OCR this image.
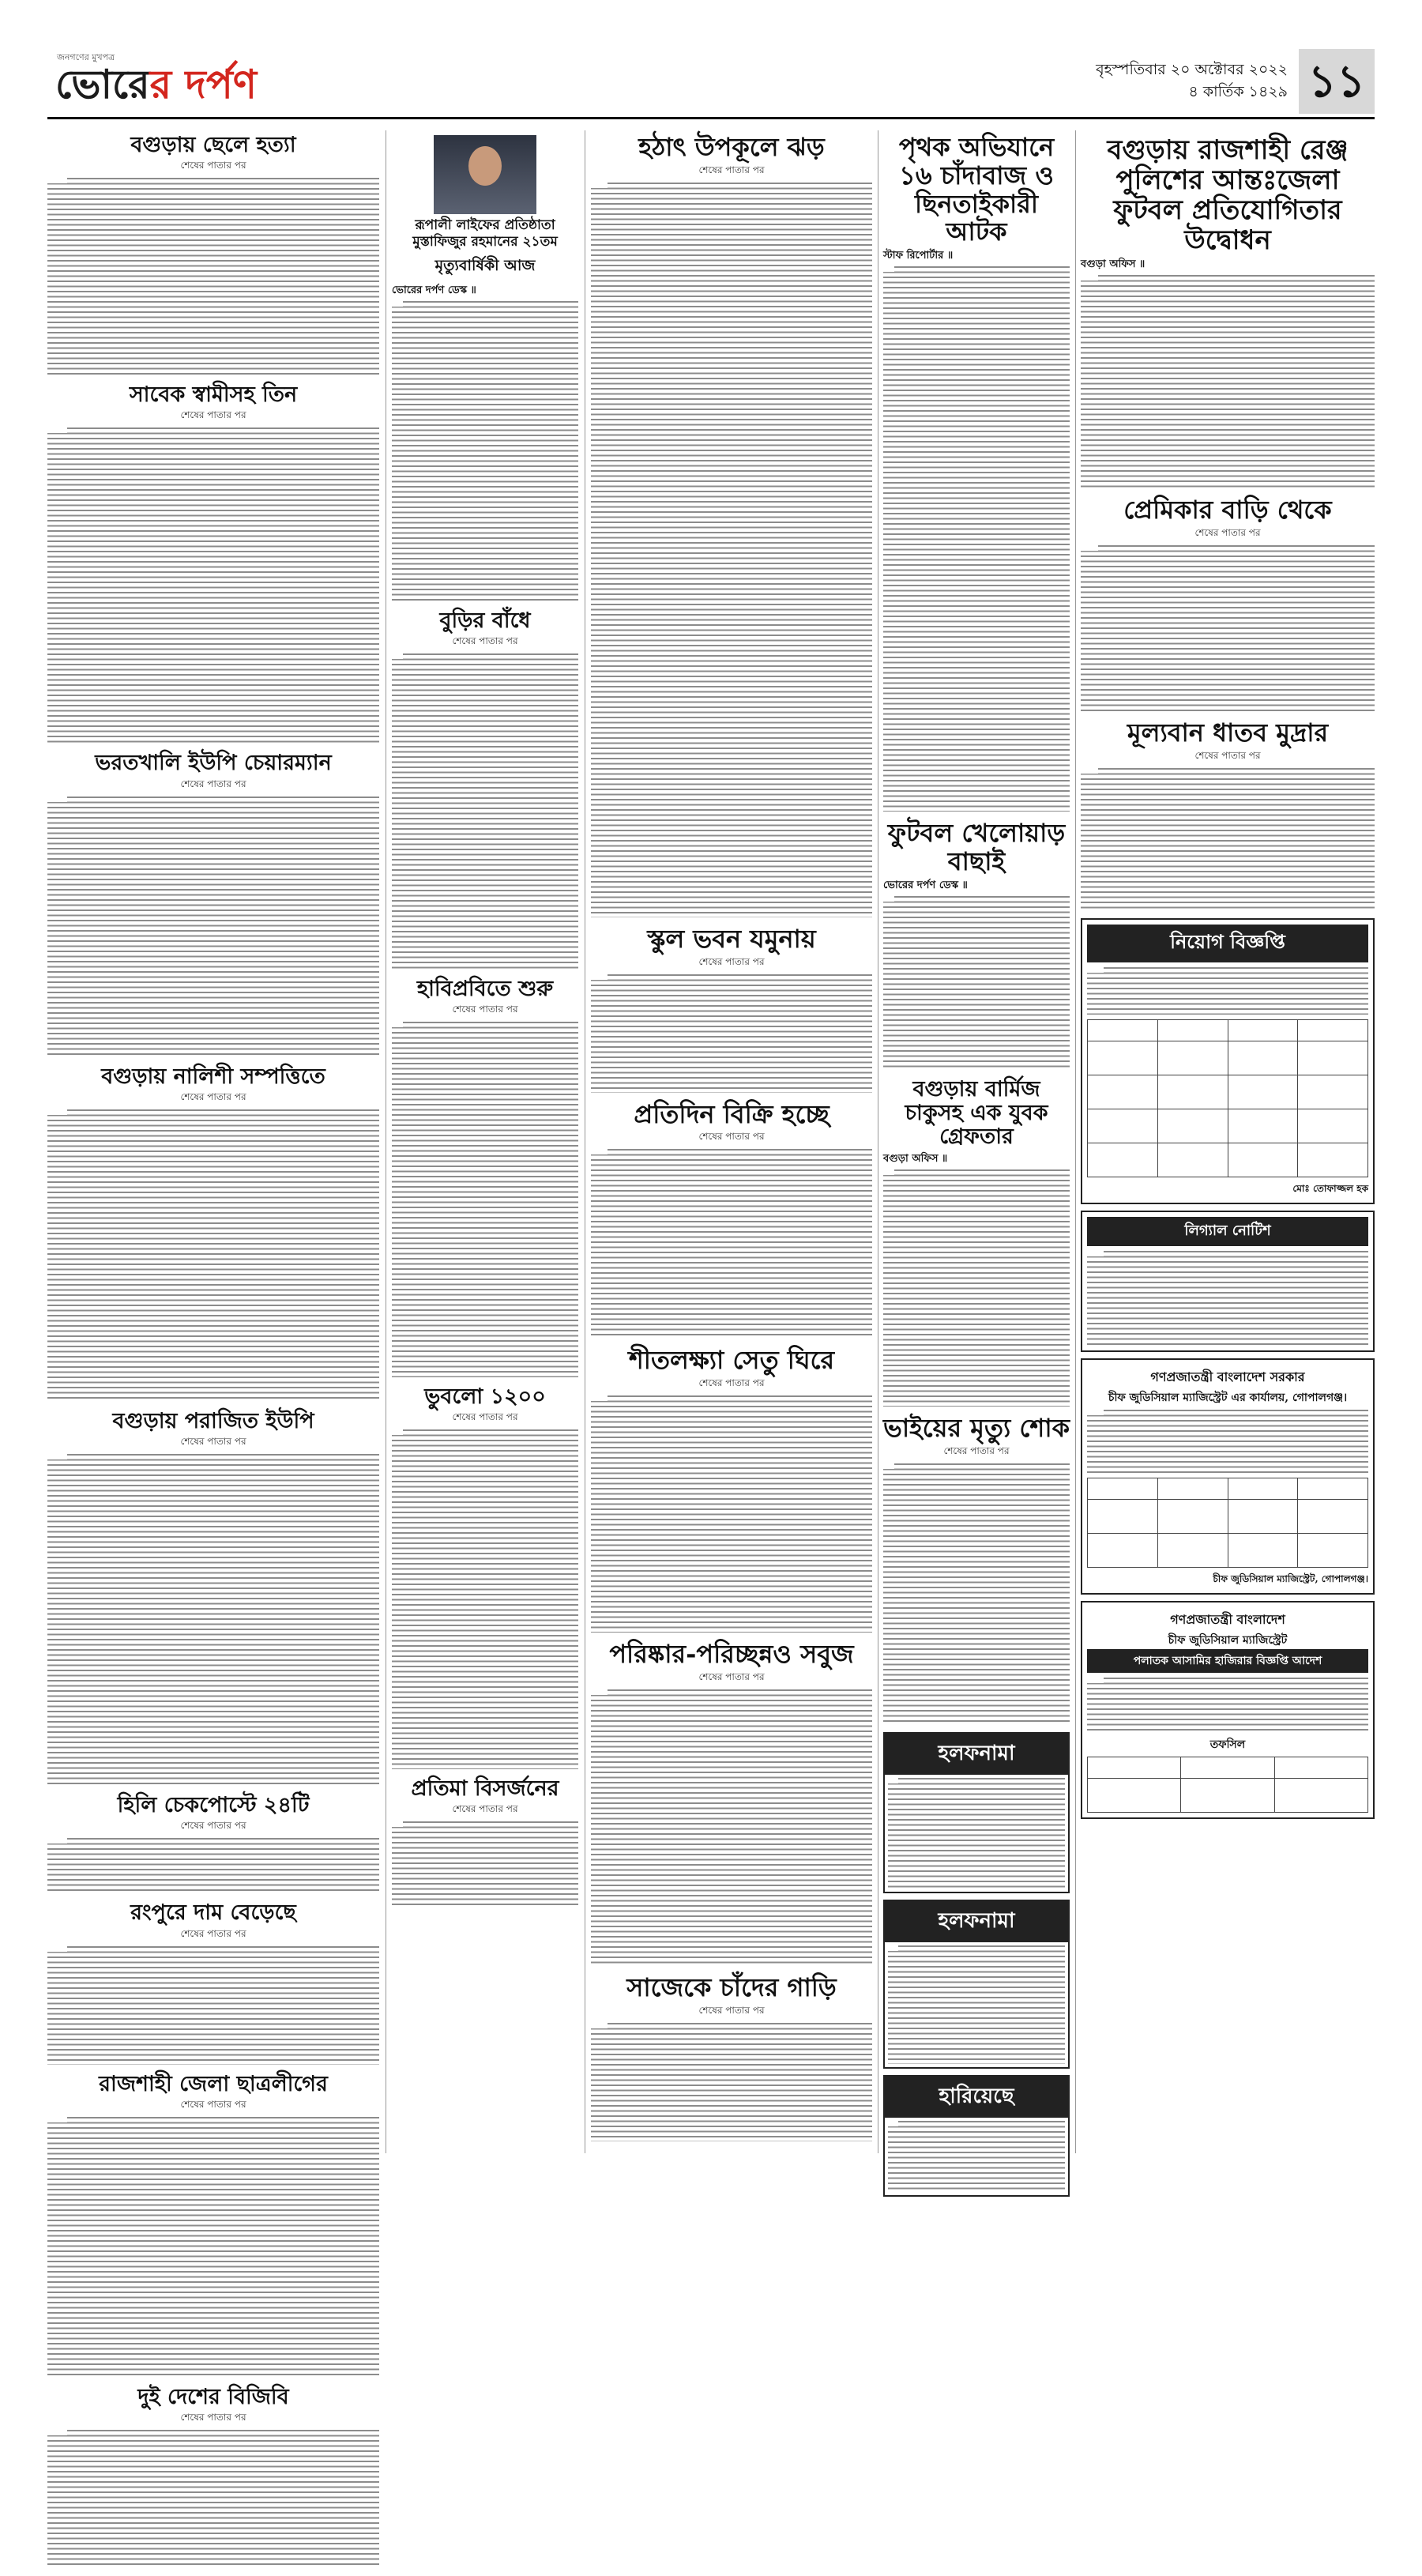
জনগণের মুখপত্র
ভোরের দর্পণ	বৃহস্পতিবার ২০ অক্টোবর ২০২২
৪ কার্তিক ১৪২৯ ১১
বগুড়ায় ছেলে হত্যা
শেষের পাতার পর
সাবেক স্বামীসহ তিন
শেষের পাতার পর
ভরতখালি ইউপি চেয়ারম্যান
শেষের পাতার পর
বগুড়ায় নালিশী সম্পত্তিতে
শেষের পাতার পর
বগুড়ায় পরাজিত ইউপি
শেষের পাতার পর
হিলি চেকপোস্টে ২৪টি
শেষের পাতার পর
রংপুরে দাম বেড়েছে
শেষের পাতার পর
রাজশাহী জেলা ছাত্রলীগের
শেষের পাতার পর
দুই দেশের বিজিবি
শেষের পাতার পর
রূপালী লাইফের প্রতিষ্ঠাতা মুস্তাফিজুর রহমানের ২১তম
মৃত্যুবার্ষিকী আজ
ভোরের দর্পণ ডেস্ক ॥
বুড়ির বাঁধে
শেষের পাতার পর
হাবিপ্রবিতে শুরু
শেষের পাতার পর
ভুবলো ১২০০
শেষের পাতার পর
প্রতিমা বিসর্জনের
শেষের পাতার পর
হঠাৎ উপকূলে ঝড়
শেষের পাতার পর
স্কুল ভবন যমুনায়
শেষের পাতার পর
প্রতিদিন বিক্রি হচ্ছে
শেষের পাতার পর
শীতলক্ষ্যা সেতু ঘিরে
শেষের পাতার পর
পরিষ্কার-পরিচ্ছন্নও সবুজ
শেষের পাতার পর
সাজেকে চাঁদের গাড়ি
শেষের পাতার পর
পৃথক অভিযানে ১৬ চাঁদাবাজ ও ছিনতাইকারী আটক
স্টাফ রিপোর্টার ॥
ফুটবল খেলোয়াড় বাছাই
ভোরের দর্পণ ডেস্ক ॥
বগুড়ায় বার্মিজ চাকুসহ এক যুবক গ্রেফতার
বগুড়া অফিস ॥
ভাইয়ের মৃত্যু শোক
শেষের পাতার পর
হলফনামা
হলফনামা
হারিয়েছে
বগুড়ায় রাজশাহী রেঞ্জ পুলিশের আন্তঃজেলা ফুটবল প্রতিযোগিতার উদ্বোধন
বগুড়া অফিস ॥
প্রেমিকার বাড়ি থেকে
শেষের পাতার পর
মূল্যবান ধাতব মুদ্রার
শেষের পাতার পর
নিয়োগ বিজ্ঞপ্তি

মোঃ তোফাজ্জল হক
লিগ্যাল নোটিশ
গণপ্রজাতন্ত্রী বাংলাদেশ সরকার
চীফ জুডিসিয়াল ম্যাজিস্ট্রেট এর কার্যালয়, গোপালগঞ্জ।

চীফ জুডিসিয়াল ম্যাজিস্ট্রেট, গোপালগঞ্জ।
গণপ্রজাতন্ত্রী বাংলাদেশ
চীফ জুডিসিয়াল ম্যাজিস্ট্রেট
পলাতক আসামির হাজিরার বিজ্ঞপ্তি আদেশ
তফসিল
